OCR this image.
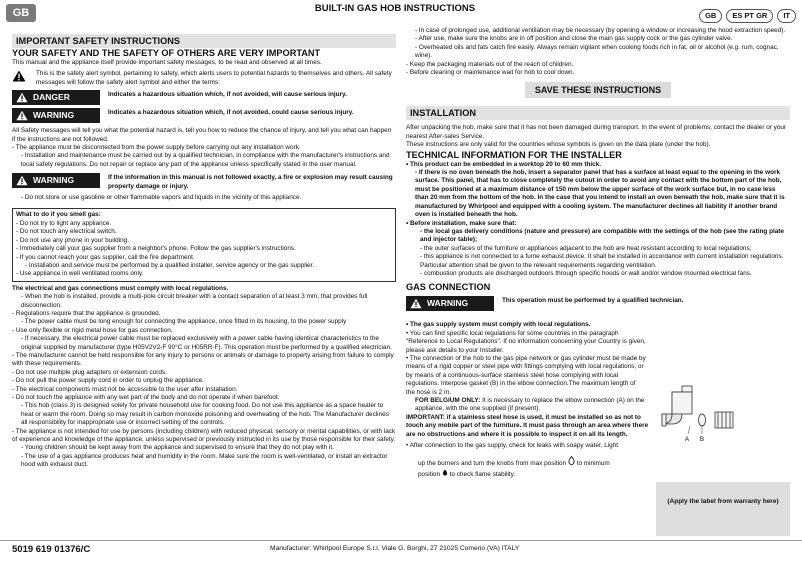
GB	BUILT-IN GAS HOB INSTRUCTIONS
GB	ES PT GR	IT

IMPORTANT SAFETY INSTRUCTIONS

YOUR SAFETY AND THE SAFETY OF OTHERS ARE VERY IMPORTANT

This manual and the appliance itself provide important safety messages, to be read and observed at all times.

This is the safety alert symbol, pertaining to safety, which alerts users to potential hazards to themselves and others. All safety messages will follow the safety alert symbol and either the terms:

DANGER	Indicates a hazardous situation which, if not avoided, will cause serious injury.
WARNING	Indicates a hazardous situation which, if not avoided, could cause serious injury.

All Safety messages will tell you what the potential hazard is, tell you how to reduce the chance of injury, and tell you what can happen if the instructions are not followed.

- The appliance must be disconnected from the power supply before carrying out any installation work.

- Installation and maintenance must be carried out by a qualified technician, in compliance with the manufacturer's instructions and local safety regulations. Do not repair or replace any part of the appliance unless specifically stated in the user manual.

WARNING	If the information in this manual is not followed exactly, a fire or explosion may result causing property damage or injury.

- Do not store or use gasoline or other flammable vapors and liquids in the vicinity of this appliance.

What to do if you smell gas:

- Do not try to light any appliance.

- Do not touch any electrical switch.

- Do not use any phone in your building.

- Immediately call your gas supplier from a neighbor's phone. Follow the gas supplier's instructions.

- If you cannot reach your gas supplier, call the fire department.

- Installation and service must be performed by a qualified installer, service agency or the gas supplier.

- Use appliance in well ventilated rooms only.

The electrical and gas connections must comply with local regulations.

- When the hob is installed, provide a multi-pole circuit breaker with a contact separation of at least 3 mm, that provides full disconnection.

- Regulations require that the appliance is grounded.

- The power cable must be long enough for connecting the appliance, once fitted in its housing, to the power supply

- Use only flexible or rigid metal hose for gas connection.

- If necessary, the electrical power cable must be replaced exclusively with a power cable having identical characteristics to the original supplied by manufacturer (type H05V2V2-F 90°C or H05RR-F). This operation must be performed by a qualified electrician.

- The manufacturer cannot be held responsible for any injury to persons or animals or damage to property arising from failure to comply with these requirements.

- Do not use multiple plug adapters or extension cords.

- Do not pull the power supply cord in order to unplug the appliance.

- The electrical components must not be accessible to the user after installation.

- Do not touch the appliance with any wet part of the body and do not operate it when barefoot.

- This hob (class 3) is designed solely for private household use for cooking food. Do not use this appliance as a space heater to heat or warm the room. Doing so may result in carbon monoxide poisoning and overheating of the hob. The Manufacturer declines all responsibility for inappropriate use or incorrect setting of the controls.

- The appliance is not intended for use by persons (including children) with reduced physical, sensory or mental capabilities, or with lack of experience and knowledge of the appliance, unless supervised or previously instructed in its use by those responsible for their safety.

- Young children should be kept away from the appliance and supervised to ensure that they do not play with it.

- The use of a gas appliance produces heat and humidity in the room. Make sure the room is well-ventilated, or install an extractor hood with exhaust duct.

- In case of prolonged use, additional ventilation may be necessary (by opening a window or increasing the hood extraction speed).

- After use, make sure the knobs are in off position and close the main gas supply cock or the gas cylinder valve.

- Overheated oils and fats catch fire easily. Always remain vigilant when cooking foods rich in fat, oil or alcohol (e.g. rum, cognac, wine).

- Keep the packaging materials out of the reach of children.

- Before cleaning or maintenance wait for hob to cool down.

SAVE THESE INSTRUCTIONS

INSTALLATION

After unpacking the hob, make sure that it has not been damaged during transport. In the event of problems, contact the dealer or your nearest After-sales Service.

These instructions are only valid for the countries whose symbols is given on the data plate (under the hob).

TECHNICAL INFORMATION FOR THE INSTALLER

• This product can be embedded in a worktop 20 to 60 mm thick.

- If there is no oven beneath the hob, insert a separator panel that has a surface at least equal to the opening in the work surface. This panel, that has to close completely the cutout in order to avoid any contact with the bottom part of the hob, must be positioned at a maximum distance of 150 mm below the upper surface of the work surface but, in no case less than 20 mm from the bottom of the hob. In the case that you intend to install an oven beneath the hob, make sure that it is manufactured by Whirlpool and equipped with a cooling system. The manufacturer declines all liability if another brand oven is installed beneath the hob.

• Before installation, make sure that:

- the local gas delivery conditions (nature and pressure) are compatible with the settings of the hob (see the rating plate and injector table);

- the outer surfaces of the furniture or appliances adjacent to the hob are heat resistant according to local regulations;

- this appliance is not connected to a fume exhaust device. It shall be installed in accordance with current installation regulations. Particular attention shall be given to the relevant requirements regarding ventilation.

- combustion products are discharged outdoors through specific hoods or wall and/or window mounted electrical fans.

GAS CONNECTION

WARNING	This operation must be performed by a qualified technician.

• The gas supply system must comply with local regulations.

• You can find specific local regulations for some countries in the paragraph "Reference to Local Regulations". If no information concerning your Country is given, please ask details to your Installer.

• The connection of the hob to the gas pipe network or gas cylinder must be made by means of a rigid copper or steel pipe with fittings complying with local regulations, or by means of a continuous-surface stainless steel hose complying with local regulations. Interpose gasket (B) in the elbow connection.The maximum length of the hose is 2 m.

FOR BELGIUM ONLY: It is necessary to replace the elbow connection (A) on the appliance, with the one supplied (if present).

IMPORTANT: if a stainless steel hose is used, it must be installed so as not to touch any mobile part of the furniture. It must pass through an area where there are no obstructions and where it is possible to inspect it on all its length.

• After connection to the gas supply, check for leaks with soapy water. Light

up the burners and turn the knobs from max position to minimum
position to check flame stability.

A B
(Apply the label from warranty here)
5019 619 01376/C	Manufacturer: Whirlpool Europe S.r.l. Viale G. Borghi, 27 21025 Comerio (VA) ITALY
